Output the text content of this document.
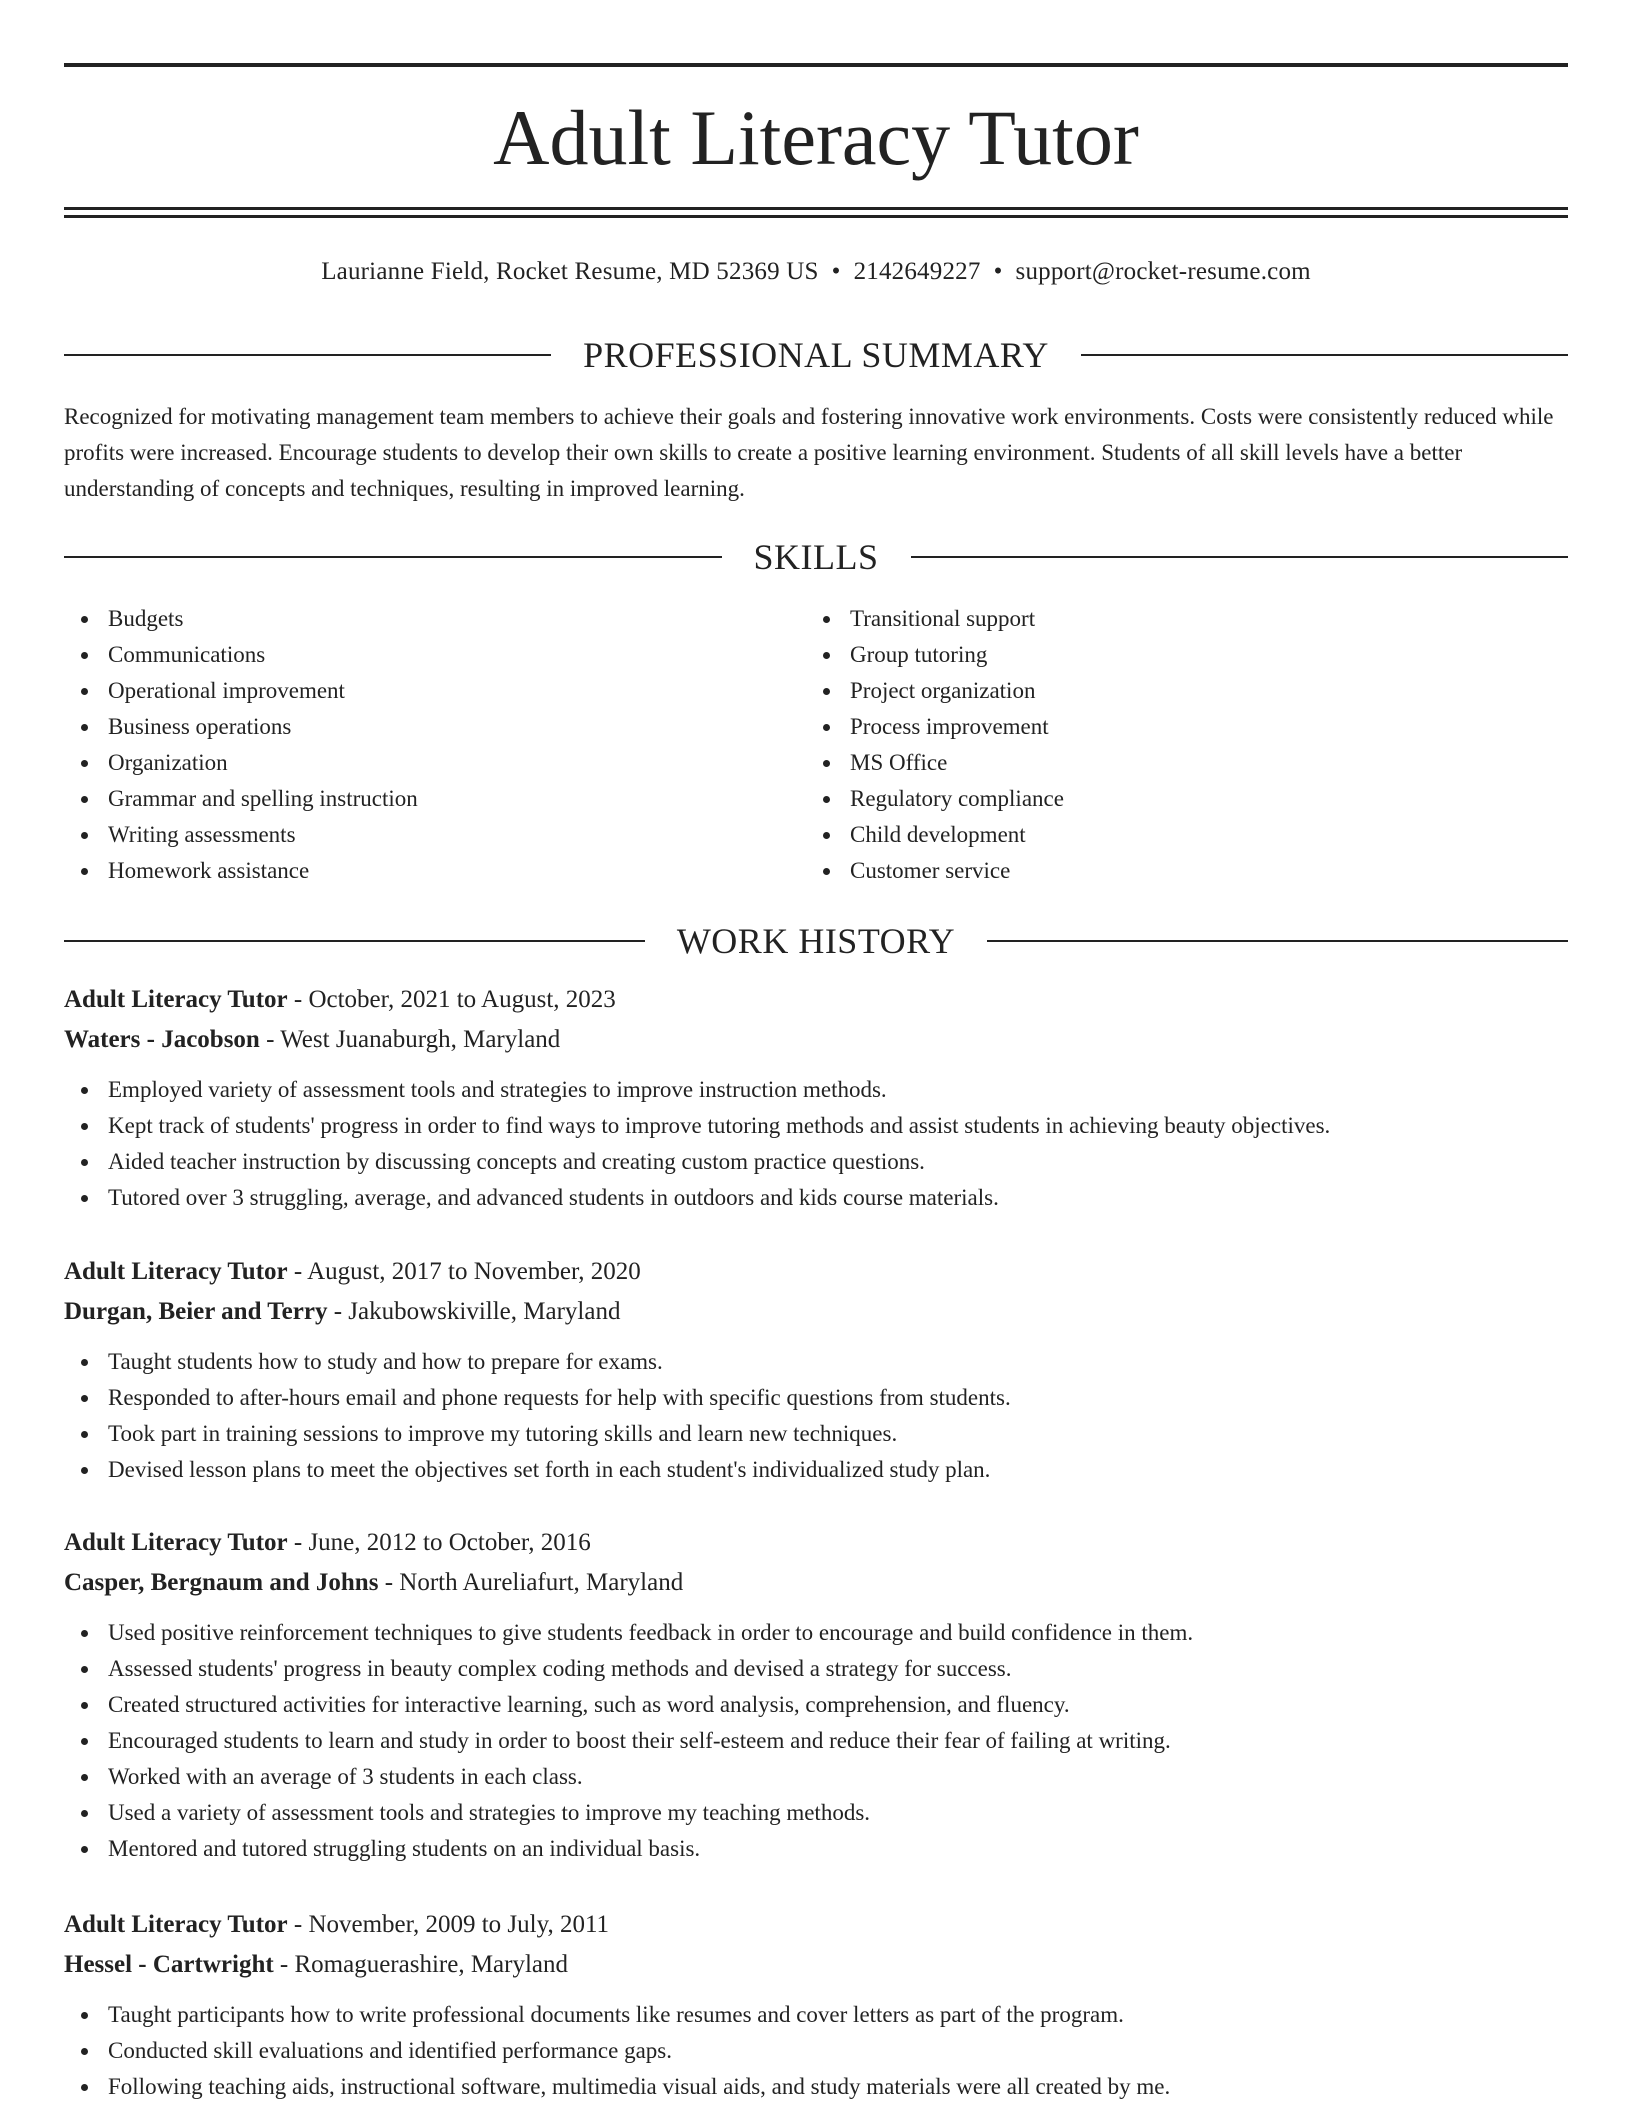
Adult Literacy Tutor
Laurianne Field, Rocket Resume, MD 52369 US • 2142649227 • support@rocket-resume.com
PROFESSIONAL SUMMARY

Recognized for motivating management team members to achieve their goals and fostering innovative work environments. Costs were consistently reduced while profits were increased. Encourage students to develop their own skills to create a positive learning environment. Students of all skill levels have a better understanding of concepts and techniques, resulting in improved learning.

SKILLS
Budgets
Communications
Operational improvement
Business operations
Organization
Grammar and spelling instruction
Writing assessments
Homework assistance
Transitional support
Group tutoring
Project organization
Process improvement
MS Office
Regulatory compliance
Child development
Customer service
WORK HISTORY
Adult Literacy Tutor - October, 2021 to August, 2023
Waters - Jacobson - West Juanaburgh, Maryland
Employed variety of assessment tools and strategies to improve instruction methods.
Kept track of students' progress in order to find ways to improve tutoring methods and assist students in achieving beauty objectives.
Aided teacher instruction by discussing concepts and creating custom practice questions.
Tutored over 3 struggling, average, and advanced students in outdoors and kids course materials.
Adult Literacy Tutor - August, 2017 to November, 2020
Durgan, Beier and Terry - Jakubowskiville, Maryland
Taught students how to study and how to prepare for exams.
Responded to after-hours email and phone requests for help with specific questions from students.
Took part in training sessions to improve my tutoring skills and learn new techniques.
Devised lesson plans to meet the objectives set forth in each student's individualized study plan.
Adult Literacy Tutor - June, 2012 to October, 2016
Casper, Bergnaum and Johns - North Aureliafurt, Maryland
Used positive reinforcement techniques to give students feedback in order to encourage and build confidence in them.
Assessed students' progress in beauty complex coding methods and devised a strategy for success.
Created structured activities for interactive learning, such as word analysis, comprehension, and fluency.
Encouraged students to learn and study in order to boost their self-esteem and reduce their fear of failing at writing.
Worked with an average of 3 students in each class.
Used a variety of assessment tools and strategies to improve my teaching methods.
Mentored and tutored struggling students on an individual basis.
Adult Literacy Tutor - November, 2009 to July, 2011
Hessel - Cartwright - Romaguerashire, Maryland
Taught participants how to write professional documents like resumes and cover letters as part of the program.
Conducted skill evaluations and identified performance gaps.
Following teaching aids, instructional software, multimedia visual aids, and study materials were all created by me.
